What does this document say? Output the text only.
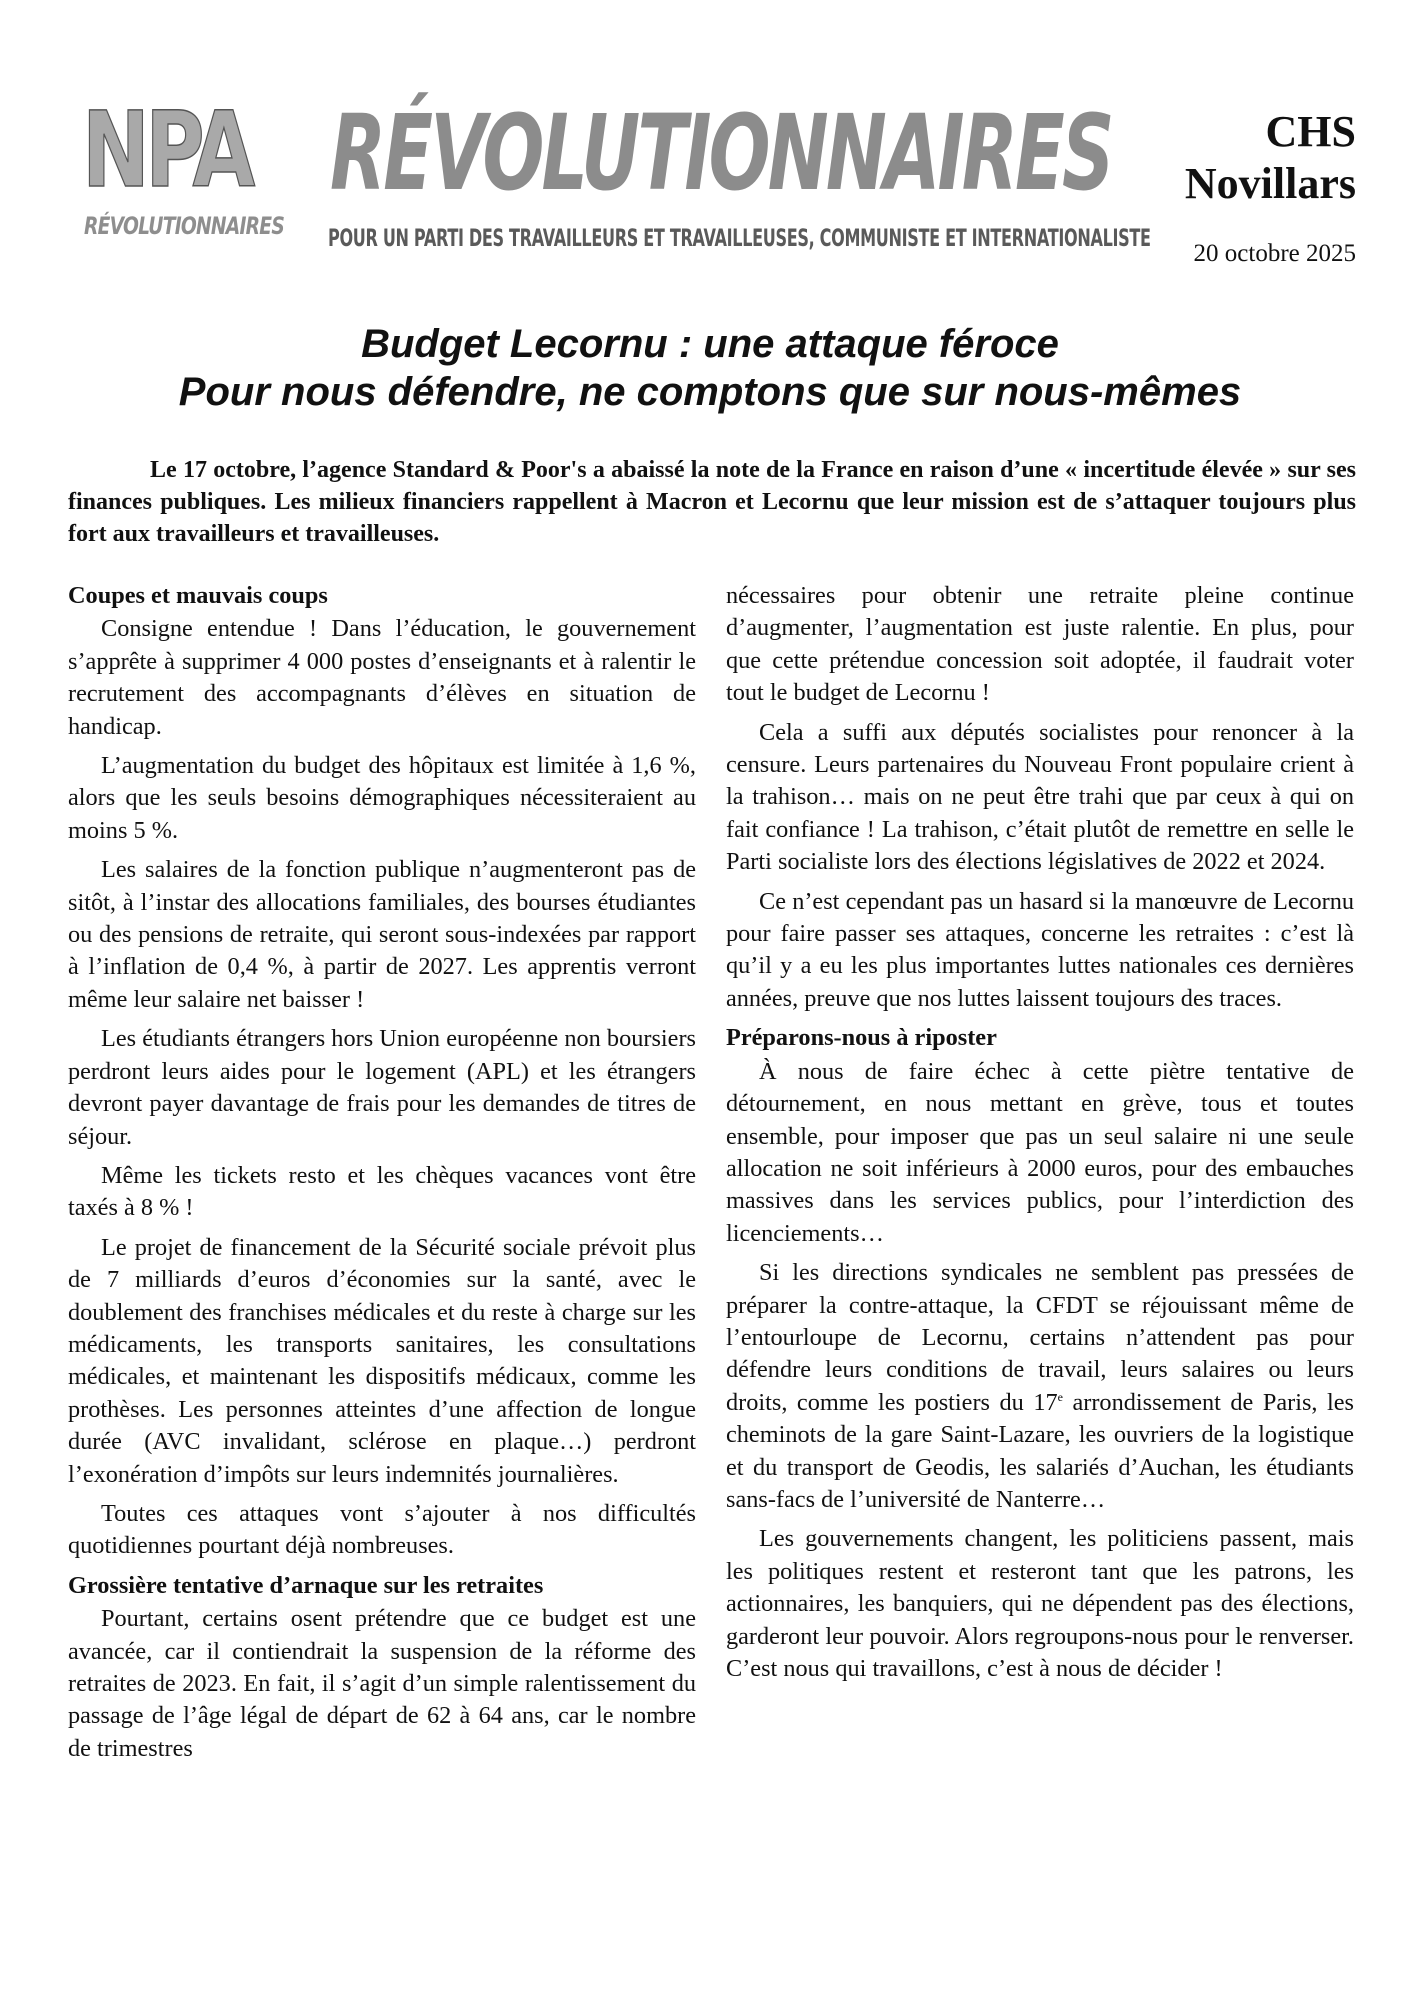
NPA
RÉVOLUTIONNAIRES
RÉVOLUTIONNAIRES
POUR UN PARTI DES TRAVAILLEURS ET TRAVAILLEUSES, COMMUNISTE ET INTERNATIONALISTE
CHS
Novillars
20 octobre 2025
Budget Lecornu : une attaque féroce
Pour nous défendre, ne comptons que sur nous-mêmes
Le 17 octobre, l’agence Standard & Poor's a abaissé la note de la France en raison d’une « incertitude élevée » sur ses finances publiques. Les milieux financiers rappellent à Macron et Lecornu que leur mission est de s’attaquer toujours plus fort aux travailleurs et travailleuses.
Coupes et mauvais coups

Consigne entendue ! Dans l’éducation, le gouvernement s’apprête à supprimer 4 000 postes d’enseignants et à ralentir le recrutement des accompagnants d’élèves en situation de handicap.

L’augmentation du budget des hôpitaux est limitée à 1,6 %, alors que les seuls besoins démographiques nécessiteraient au moins 5 %.

Les salaires de la fonction publique n’augmenteront pas de sitôt, à l’instar des allocations familiales, des bourses étudiantes ou des pensions de retraite, qui seront sous-indexées par rapport à l’inflation de 0,4 %, à partir de 2027. Les apprentis verront même leur salaire net baisser !

Les étudiants étrangers hors Union européenne non boursiers perdront leurs aides pour le logement (APL) et les étrangers devront payer davantage de frais pour les demandes de titres de séjour.

Même les tickets resto et les chèques vacances vont être taxés à 8 % !

Le projet de financement de la Sécurité sociale prévoit plus de 7 milliards d’euros d’économies sur la santé, avec le doublement des franchises médicales et du reste à charge sur les médicaments, les transports sanitaires, les consultations médicales, et maintenant les dispositifs médicaux, comme les prothèses. Les personnes atteintes d’une affection de longue durée (AVC invalidant, sclérose en plaque…) perdront l’exonération d’impôts sur leurs indemnités journalières.

Toutes ces attaques vont s’ajouter à nos difficultés quotidiennes pourtant déjà nombreuses.

Grossière tentative d’arnaque sur les retraites

Pourtant, certains osent prétendre que ce budget est une avancée, car il contiendrait la suspension de la réforme des retraites de 2023. En fait, il s’agit d’un simple ralentissement du passage de l’âge légal de départ de 62 à 64 ans, car le nombre de trimestres

nécessaires pour obtenir une retraite pleine continue d’augmenter, l’augmentation est juste ralentie. En plus, pour que cette prétendue concession soit adoptée, il faudrait voter tout le budget de Lecornu !

Cela a suffi aux députés socialistes pour renoncer à la censure. Leurs partenaires du Nouveau Front populaire crient à la trahison… mais on ne peut être trahi que par ceux à qui on fait confiance ! La trahison, c’était plutôt de remettre en selle le Parti socialiste lors des élections législatives de 2022 et 2024.

Ce n’est cependant pas un hasard si la manœuvre de Lecornu pour faire passer ses attaques, concerne les retraites : c’est là qu’il y a eu les plus importantes luttes nationales ces dernières années, preuve que nos luttes laissent toujours des traces.

Préparons-nous à riposter

À nous de faire échec à cette piètre tentative de détournement, en nous mettant en grève, tous et toutes ensemble, pour imposer que pas un seul salaire ni une seule allocation ne soit inférieurs à 2000 euros, pour des embauches massives dans les services publics, pour l’interdiction des licenciements…

Si les directions syndicales ne semblent pas pressées de préparer la contre-attaque, la CFDT se réjouissant même de l’entourloupe de Lecornu, certains n’attendent pas pour défendre leurs conditions de travail, leurs salaires ou leurs droits, comme les postiers du 17e arrondissement de Paris, les cheminots de la gare Saint-Lazare, les ouvriers de la logistique et du transport de Geodis, les salariés d’Auchan, les étudiants sans-facs de l’université de Nanterre…

Les gouvernements changent, les politiciens passent, mais les politiques restent et resteront tant que les patrons, les actionnaires, les banquiers, qui ne dépendent pas des élections, garderont leur pouvoir. Alors regroupons-nous pour le renverser. C’est nous qui travaillons, c’est à nous de décider !
